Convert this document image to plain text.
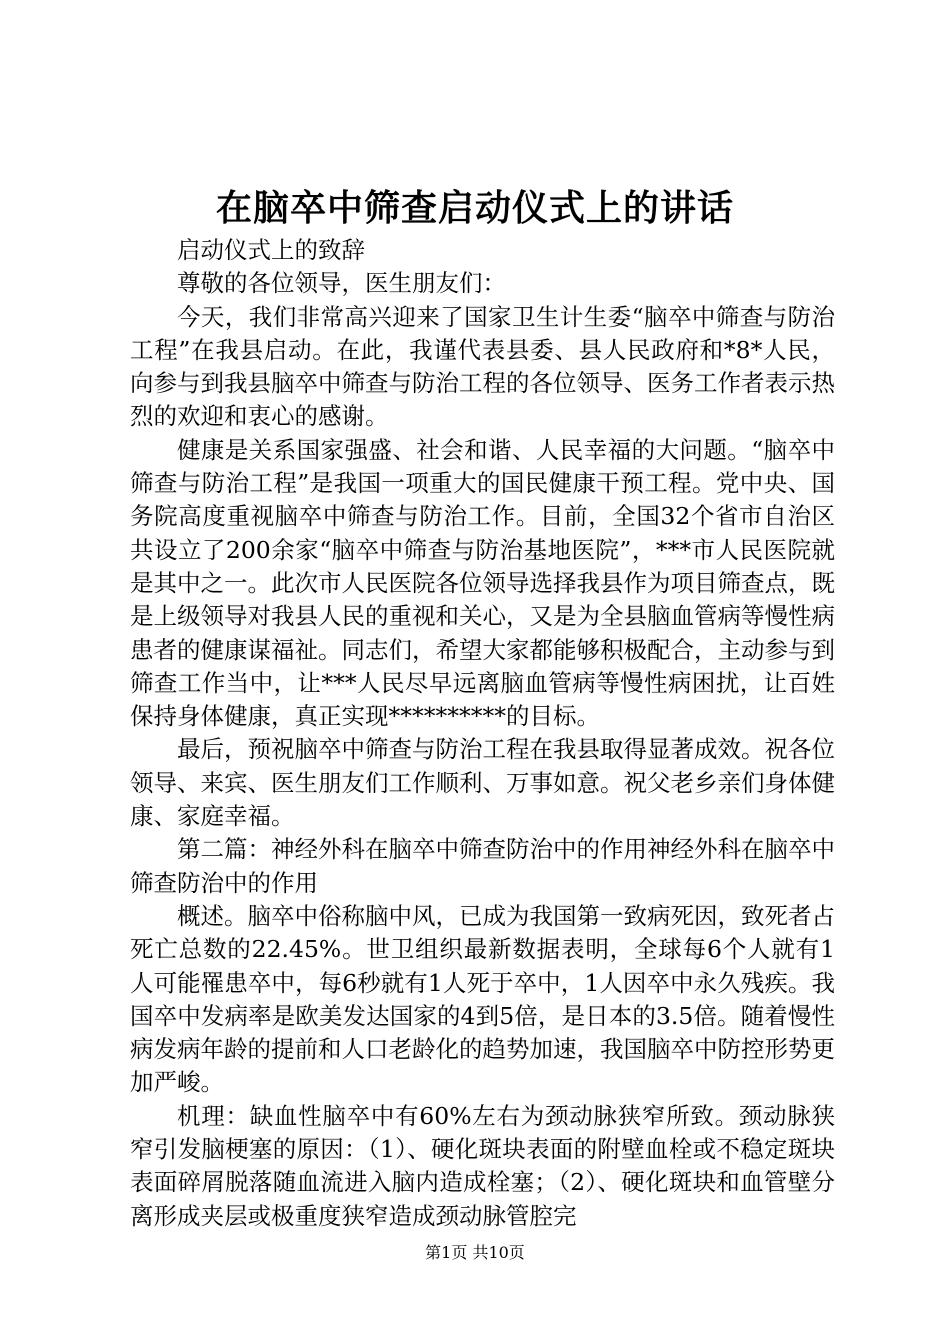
在脑卒中筛查启动仪式上的讲话

启动仪式上的致辞

尊敬的各位领导，医生朋友们：

今天，我们非常高兴迎来了国家卫生计生委“脑卒中筛查与防治工程”在我县启动。在此，我谨代表县委、县人民政府和*8*人民，向参与到我县脑卒中筛查与防治工程的各位领导、医务工作者表示热烈的欢迎和衷心的感谢。

健康是关系国家强盛、社会和谐、人民幸福的大问题。“脑卒中筛查与防治工程”是我国一项重大的国民健康干预工程。党中央、国务院高度重视脑卒中筛查与防治工作。目前，全国32个省市自治区共设立了200余家“脑卒中筛查与防治基地医院”，***市人民医院就是其中之一。此次市人民医院各位领导选择我县作为项目筛查点，既是上级领导对我县人民的重视和关心，又是为全县脑血管病等慢性病患者的健康谋福祉。同志们，希望大家都能够积极配合，主动参与到筛查工作当中，让***人民尽早远离脑血管病等慢性病困扰，让百姓保持身体健康，真正实现**********的目标。

最后，预祝脑卒中筛查与防治工程在我县取得显著成效。祝各位领导、来宾、医生朋友们工作顺利、万事如意。祝父老乡亲们身体健康、家庭幸福。

第二篇：神经外科在脑卒中筛查防治中的作用神经外科在脑卒中筛查防治中的作用

概述。脑卒中俗称脑中风，已成为我国第一致病死因，致死者占死亡总数的22.45%。世卫组织最新数据表明，全球每6个人就有1人可能罹患卒中，每6秒就有1人死于卒中，1人因卒中永久残疾。我国卒中发病率是欧美发达国家的4到5倍，是日本的3.5倍。随着慢性病发病年龄的提前和人口老龄化的趋势加速，我国脑卒中防控形势更加严峻。

机理：缺血性脑卒中有60%左右为颈动脉狭窄所致。颈动脉狭窄引发脑梗塞的原因：（1）、硬化斑块表面的附壁血栓或不稳定斑块表面碎屑脱落随血流进入脑内造成栓塞；（2）、硬化斑块和血管壁分离形成夹层或极重度狭窄造成颈动脉管腔完

第1页 共10页
